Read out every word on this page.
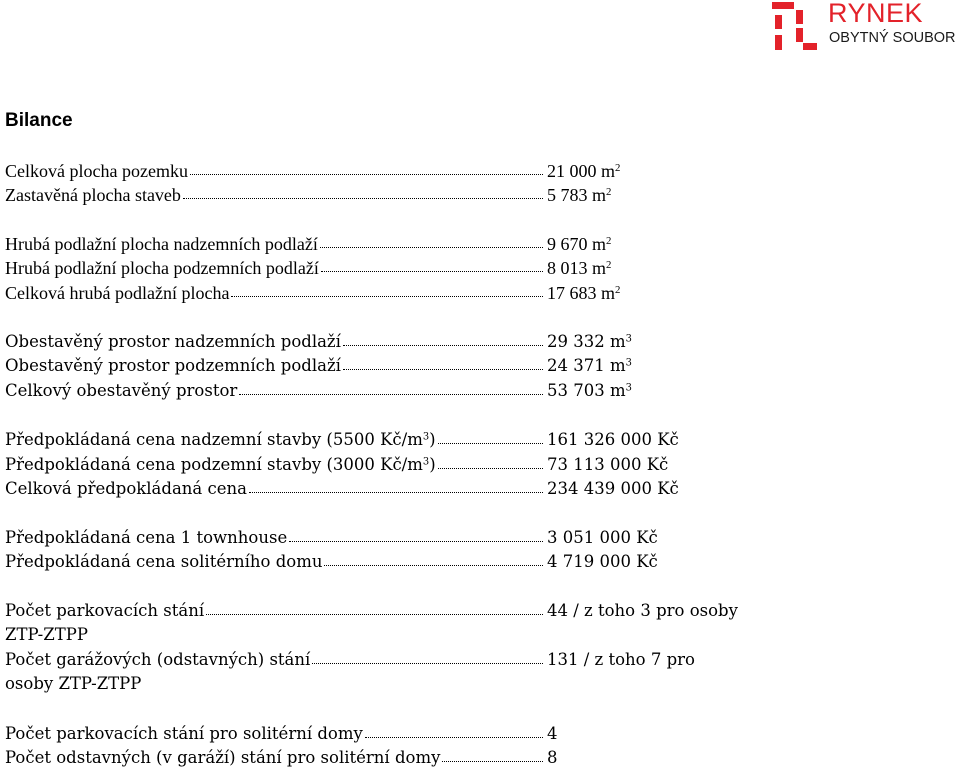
RYNEK
OBYTNÝ SOUBOR
Bilance
Celková plocha pozemku	21 000 $m^2$
Zastavěná plocha staveb	5 783 $m^2$
Hrubá podlažní plocha nadzemních podlaží	9 670 $m^2$
Hrubá podlažní plocha podzemních podlaží	8 013 $m^2$
Celková hrubá podlažní plocha	17 683 $m^2$
Obestavěný prostor nadzemních podlaží	29 332 $m^3$
Obestavěný prostor podzemních podlaží	24 371 $m^3$
Celkový obestavěný prostor	53 703 $m^3$
Předpokládaná cena nadzemní stavby (5500 $Kč/m^3$)	161 326 000 Kč
Předpokládaná cena podzemní stavby (3000 $Kč/m^3$)	73 113 000 Kč
Celková předpokládaná cena	234 439 000 Kč
Předpokládaná cena 1 townhouse	3 051 000 Kč
Předpokládaná cena solitérního domu	4 719 000 Kč
Počet parkovacích stání	44 / z toho 3 pro osoby
ZTP-ZTPP
Počet garážových (odstavných) stání	131 / z toho 7 pro
osoby ZTP-ZTPP
Počet parkovacích stání pro solitérní domy	4
Počet odstavných (v garáží) stání pro solitérní domy	8
